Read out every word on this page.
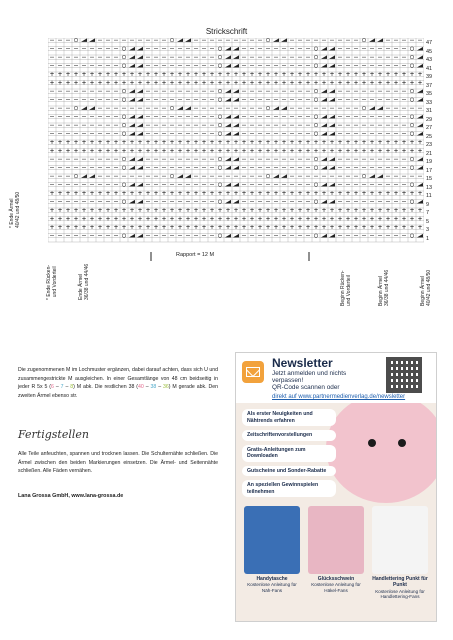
Strickschrift
+ + + + + + + + + + + + + + + + + + + + + + + + + + + + + + + + + + + + + + + + + + + + + + +
+ + + + + + + + + + + + + + + + + + + + + + + + + + + + + + + + + + + + + + + + + + + + + + +
+ + + + + + + + + + + + + + + + + + + + + + + + + + + + + + + + + + + + + + + + + + + + + + +
+ + + + + + + + + + + + + + + + + + + + + + + + + + + + + + + + + + + + + + + + + + + + + + +
+ + + + + + + + + + + + + + + + + + + + + + + + + + + + + + + + + + + + + + + + + + + + + + +
+ + + + + + + + + + + + + + + + + + + + + + + + + + + + + + + + + + + + + + + + + + + + + + +
+ + + + + + + + + + + + + + + + + + + + + + + + + + + + + + + + + + + + + + + + + + + + + + +
+ + + + + + + + + + + + + + + + + + + + + + + + + + + + + + + + + + + + + + + + + + + + + + +
47
45
43
41
39
37
35
33
31
29
27
25
23
21
19
17
15
13
11
9
7
5
3
1
* Ende Ärmel
40/42 und 48/50
* Ende Rücken-
und Vorderteil
Ende Ärmel
36/38 und 44/46
Beginn Rücken-
und Vorderteil
Beginn Ärmel
36/38 und 44/46
Beginn Ärmel
40/42 und 48/50
Rapport = 12 M
Die zugenommenen M im Lochmuster ergänzen, dabei darauf achten, dass sich U und zusammengestrickte M ausgleichen. In einer Gesamtlänge von 48 cm beidseitig in jeder R 5x 5 (6 – 7 – 8) M abk. Die restlichen 38 (40 – 38 – 36) M gerade abk. Den zweiten Ärmel ebenso str.
Fertigstellen
Alle Teile anfeuchten, spannen und trocknen lassen. Die Schulternähte schließen. Die Ärmel zwischen den beiden Markierungen einsetzen. Die Ärmel- und Seitennähte schließen. Alle Fäden vernähen.
Lana Grossa GmbH, www.lana-grossa.de
Newsletter
Jetzt anmelden und nichts
verpassen!
QR-Code scannen oder
direkt auf www.partnermedienverlag.de/newsletter
Als erster Neuigkeiten und Nähtrends erfahren
Zeitschriftenvorstellungen
Gratis-Anleitungen zum Downloaden
Gutscheine und Sonder-Rabatte
An speziellen Gewinnspielen teilnehmen
Handytasche
Kostenlose Anleitung für Näh-Fans
Glücksschwein
Kostenlose Anleitung für Häkel-Fans
Handlettering Punkt für Punkt
Kostenlose Anleitung für Handlettering-Fans
